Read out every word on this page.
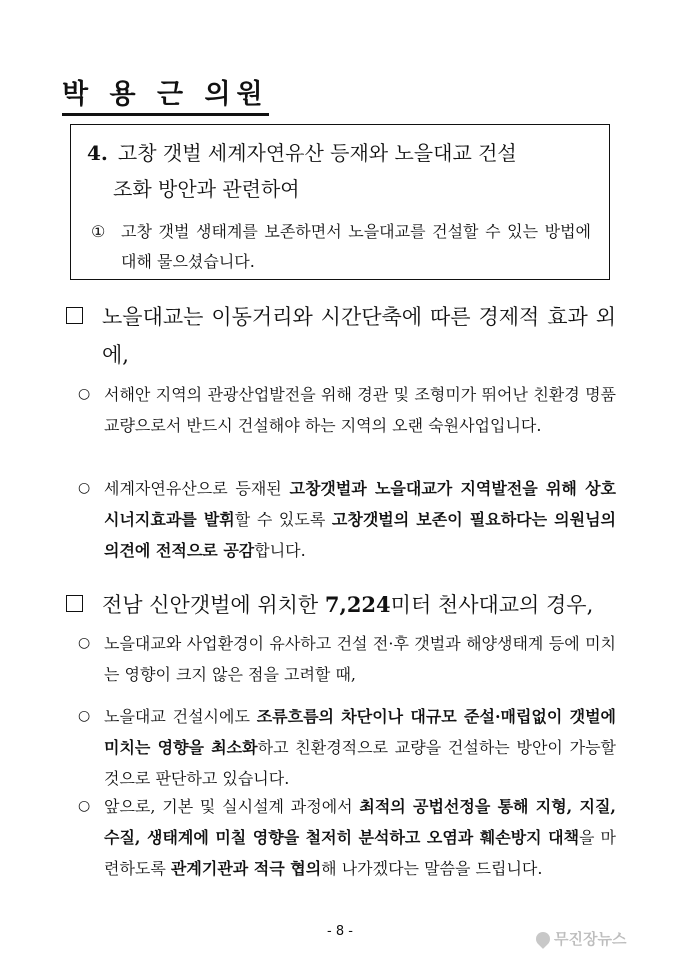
박 용 근 의원
4. 고창 갯벌 세계자연유산 등재와 노을대교 건설
조화 방안과 관련하여
① 고창 갯벌 생태계를 보존하면서 노을대교를 건설할 수 있는 방법에 대해 물으셨습니다.
노을대교는 이동거리와 시간단축에 따른 경제적 효과 외에,
○ 서해안 지역의 관광산업발전을 위해 경관 및 조형미가 뛰어난 친환경 명품교량으로서 반드시 건설해야 하는 지역의 오랜 숙원사업입니다.
○ 세계자연유산으로 등재된 고창갯벌과 노을대교가 지역발전을 위해 상호 시너지효과를 발휘할 수 있도록 고창갯벌의 보존이 필요하다는 의원님의 의견에 전적으로 공감합니다.
전남 신안갯벌에 위치한 7,224미터 천사대교의 경우,
○ 노을대교와 사업환경이 유사하고 건설 전·후 갯벌과 해양생태계 등에 미치는 영향이 크지 않은 점을 고려할 때,
○ 노을대교 건설시에도 조류흐름의 차단이나 대규모 준설·매립없이 갯벌에 미치는 영향을 최소화하고 친환경적으로 교량을 건설하는 방안이 가능할 것으로 판단하고 있습니다.
○ 앞으로, 기본 및 실시설계 과정에서 최적의 공법선정을 통해 지형, 지질, 수질, 생태계에 미칠 영향을 철저히 분석하고 오염과 훼손방지 대책을 마련하도록 관계기관과 적극 협의해 나가겠다는 말씀을 드립니다.
- 8 -	무진장뉴스
